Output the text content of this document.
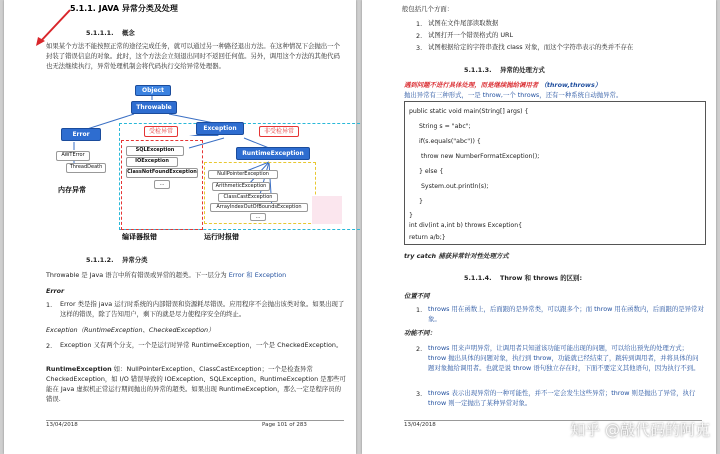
5.1.1. JAVA 异常分类及处理
5.1.1.1. 概念
如果某个方法不能按照正常的途径完成任务，就可以通过另一种路径退出方法。在这种情况下会抛出一个封装了错误信息的对象。此时，这个方法会立刻退出同时不返回任何值。另外，调用这个方法的其他代码也无法继续执行，异常处理机制会将代码执行交给异常处理器。
Object
Throwable
Error
AWTError
ThreadDeath
Exception
受检异常	非受检异常
SQLException
IOException
ClassNotFoundException
...
RuntimeException
NullPointerException
ArithmeticException
ClassCastException
ArrayIndexOutOfBoundsException
...
内存异常
编译器报错	运行时报错
5.1.1.2. 异常分类
Throwable 是 Java 语言中所有错误或异常的超类。下一层分为 Error 和 Exception
Error
1. Error 类是指 java 运行时系统的内部错误和资源耗尽错误。应用程序不会抛出该类对象。如果出现了这样的错误，除了告知用户，剩下的就是尽力使程序安全的终止。
Exception（RuntimeException、CheckedException）
2. Exception 又有两个分支，一个是运行时异常 RuntimeException，一个是 CheckedException。
RuntimeException 如：NullPointerException、ClassCastException；一个是检查异常 CheckedException，如 I/O 错误导致的 IOException、SQLException。RuntimeException 是那些可能在 Java 虚拟机正常运行期间抛出的异常的超类。如果出现 RuntimeException，那么一定是程序员的错误.
13/04/2018	Page 101 of 283
般包括几个方面：
1. 试图在文件尾部读取数据
2. 试图打开一个错误格式的 URL
3. 试图根据给定的字符串查找 class 对象，而这个字符串表示的类并不存在
5.1.1.3. 异常的处理方式
遇到问题不进行具体处理，而是继续抛给调用者 （throw,throws）
抛出异常有三种形式，一是 throw,一个 throws，还有一种系统自动抛异常。
public static void main(String[] args) {
String s = "abc";
if(s.equals("abc")) {
throw new NumberFormatException();
} else {
System.out.println(s);
}
}
int div(int a,int b) throws Exception{
return a/b;}
try catch 捕获异常针对性处理方式
5.1.1.4. Throw 和 throws 的区别:
位置不同
1. throws 用在函数上，后面跟的是异常类，可以跟多个；而 throw 用在函数内，后面跟的是异常对象。
功能不同：
2. throws 用来声明异常，让调用者只知道该功能可能出现的问题，可以给出预先的处理方式；throw 抛出具体的问题对象，执行到 throw，功能就已经结束了，跳转到调用者，并将具体的问题对象抛给调用者。也就是说 throw 语句独立存在时，下面不要定义其他语句，因为执行不到。
3. throws 表示出现异常的一种可能性，并不一定会发生这些异常；throw 则是抛出了异常，执行 throw 则一定抛出了某种异常对象。
13/04/2018	知乎 @敲代码的阿克
